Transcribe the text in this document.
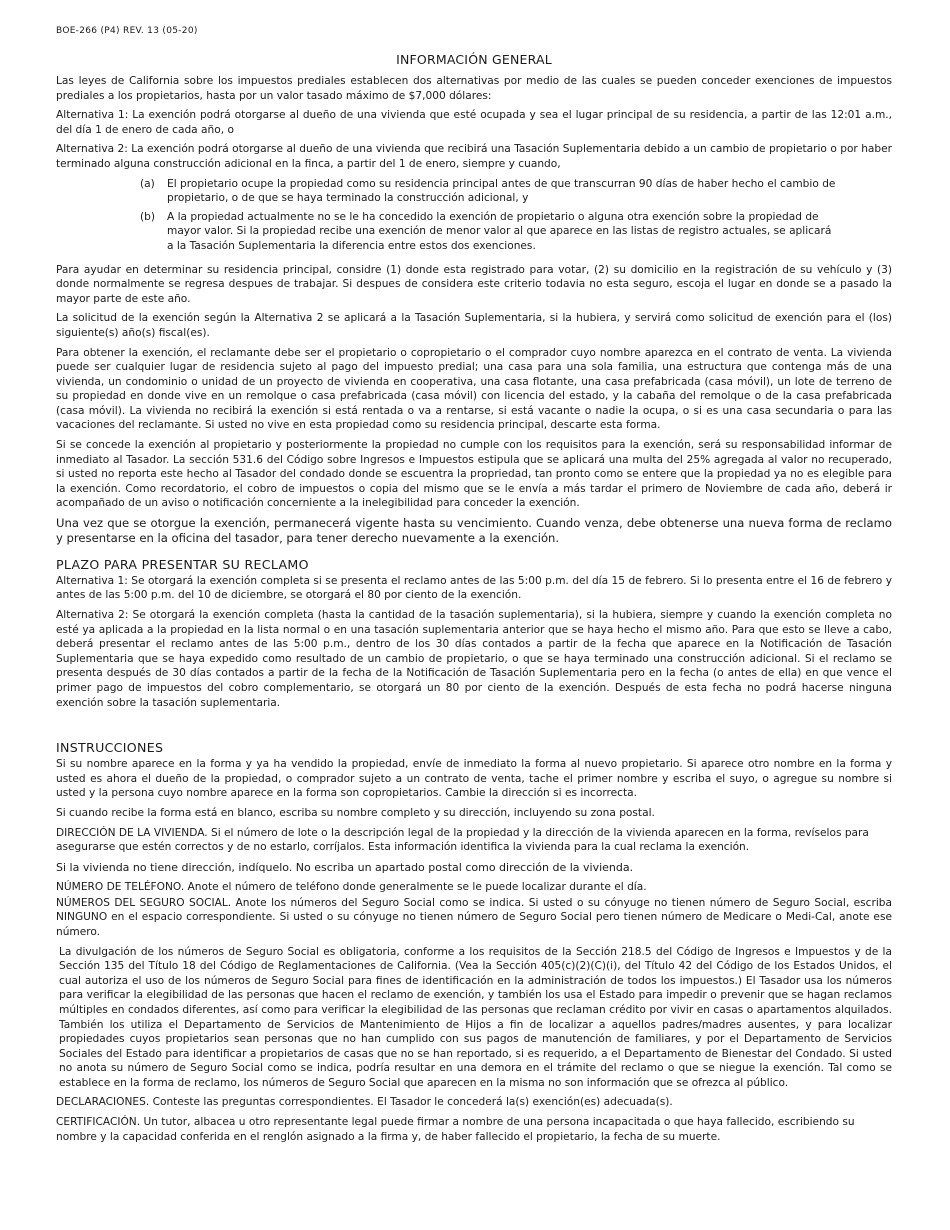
BOE-266 (P4) REV. 13 (05-20)
INFORMACIÓN GENERAL

Las leyes de California sobre los impuestos prediales establecen dos alternativas por medio de las cuales se pueden conceder exenciones de impuestos prediales a los propietarios, hasta por un valor tasado máximo de $7,000 dólares:

Alternativa 1: La exención podrá otorgarse al dueño de una vivienda que esté ocupada y sea el lugar principal de su residencia, a partir de las 12:01 a.m., del día 1 de enero de cada año, o

Alternativa 2: La exención podrá otorgarse al dueño de una vivienda que recibirá una Tasación Suplementaria debido a un cambio de propietario o por haber terminado alguna construcción adicional en la finca, a partir del 1 de enero, siempre y cuando,

(a)	El propietario ocupe la propiedad como su residencia principal antes de que transcurran 90 días de haber hecho el cambio de propietario, o de que se haya terminado la construcción adicional, y
(b)	A la propiedad actualmente no se le ha concedido la exención de propietario o alguna otra exención sobre la propiedad de mayor valor. Si la propiedad recibe una exención de menor valor al que aparece en las listas de registro actuales, se aplicará a la Tasación Suplementaria la diferencia entre estos dos exenciones.

Para ayudar en determinar su residencia principal, considre (1) donde esta registrado para votar, (2) su domicilio en la registración de su vehículo y (3) donde normalmente se regresa despues de trabajar. Si despues de considera este criterio todavia no esta seguro, escoja el lugar en donde se a pasado la mayor parte de este año.

La solicitud de la exención según la Alternativa 2 se aplicará a la Tasación Suplementaria, si la hubiera, y servirá como solicitud de exención para el (los) siguiente(s) año(s) fiscal(es).

Para obtener la exención, el reclamante debe ser el propietario o copropietario o el comprador cuyo nombre aparezca en el contrato de venta. La vivienda puede ser cualquier lugar de residencia sujeto al pago del impuesto predial; una casa para una sola familia, una estructura que contenga más de una vivienda, un condominio o unidad de un proyecto de vivienda en cooperativa, una casa flotante, una casa prefabricada (casa móvil), un lote de terreno de su propiedad en donde vive en un remolque o casa prefabricada (casa móvil) con licencia del estado, y la cabaña del remolque o de la casa prefabricada (casa móvil). La vivienda no recibirá la exención si está rentada o va a rentarse, si está vacante o nadie la ocupa, o si es una casa secundaria o para las vacaciones del reclamante. Si usted no vive en esta propiedad como su residencia principal, descarte esta forma.

Si se concede la exención al propietario y posteriormente la propiedad no cumple con los requisitos para la exención, será su responsabilidad informar de inmediato al Tasador. La sección 531.6 del Código sobre Ingresos e Impuestos estipula que se aplicará una multa del 25% agregada al valor no recuperado, si usted no reporta este hecho al Tasador del condado donde se escuentra la propriedad, tan pronto como se entere que la propiedad ya no es elegible para la exención. Como recordatorio, el cobro de impuestos o copia del mismo que se le envía a más tardar el primero de Noviembre de cada año, deberá ir acompañado de un aviso o notificación concerniente a la inelegibilidad para conceder la exención.

Una vez que se otorgue la exención, permanecerá vigente hasta su vencimiento. Cuando venza, debe obtenerse una nueva forma de reclamo y presentarse en la oficina del tasador, para tener derecho nuevamente a la exención.

PLAZO PARA PRESENTAR SU RECLAMO

Alternativa 1: Se otorgará la exención completa si se presenta el reclamo antes de las 5:00 p.m. del día 15 de febrero. Si lo presenta entre el 16 de febrero y antes de las 5:00 p.m. del 10 de diciembre, se otorgará el 80 por ciento de la exención.

Alternativa 2: Se otorgará la exención completa (hasta la cantidad de la tasación suplementaria), si la hubiera, siempre y cuando la exención completa no esté ya aplicada a la propiedad en la lista normal o en una tasación suplementaria anterior que se haya hecho el mismo año. Para que esto se lleve a cabo, deberá presentar el reclamo antes de las 5:00 p.m., dentro de los 30 días contados a partir de la fecha que aparece en la Notificación de Tasación Suplementaria que se haya expedido como resultado de un cambio de propietario, o que se haya terminado una construcción adicional. Si el reclamo se presenta después de 30 días contados a partir de la fecha de la Notificación de Tasación Suplementaria pero en la fecha (o antes de ella) en que vence el primer pago de impuestos del cobro complementario, se otorgará un 80 por ciento de la exención. Después de esta fecha no podrá hacerse ninguna exención sobre la tasación suplementaria.

INSTRUCCIONES

Si su nombre aparece en la forma y ya ha vendido la propiedad, envíe de inmediato la forma al nuevo propietario. Si aparece otro nombre en la forma y usted es ahora el dueño de la propiedad, o comprador sujeto a un contrato de venta, tache el primer nombre y escriba el suyo, o agregue su nombre si usted y la persona cuyo nombre aparece en la forma son copropietarios. Cambie la dirección si es incorrecta.

Si cuando recibe la forma está en blanco, escriba su nombre completo y su dirección, incluyendo su zona postal.

DIRECCIÓN DE LA VIVIENDA. Si el número de lote o la descripción legal de la propiedad y la dirección de la vivienda aparecen en la forma, revíselos para asegurarse que estén correctos y de no estarlo, corríjalos. Esta información identifica la vivienda para la cual reclama la exención.

Si la vivienda no tiene dirección, indíquelo. No escriba un apartado postal como dirección de la vivienda.

NÚMERO DE TELÉFONO. Anote el número de teléfono donde generalmente se le puede localizar durante el día.

NÚMEROS DEL SEGURO SOCIAL. Anote los números del Seguro Social como se indica. Si usted o su cónyuge no tienen número de Seguro Social, escriba NINGUNO en el espacio correspondiente. Si usted o su cónyuge no tienen número de Seguro Social pero tienen número de Medicare o Medi-Cal, anote ese número.

La divulgación de los números de Seguro Social es obligatoria, conforme a los requisitos de la Sección 218.5 del Código de Ingresos e Impuestos y de la Sección 135 del Título 18 del Código de Reglamentaciones de California. (Vea la Sección 405(c)(2)(C)(i), del Título 42 del Código de los Estados Unidos, el cual autoriza el uso de los números de Seguro Social para fines de identificación en la administración de todos los impuestos.) El Tasador usa los números para verificar la elegibilidad de las personas que hacen el reclamo de exención, y también los usa el Estado para impedir o prevenir que se hagan reclamos múltiples en condados diferentes, así como para verificar la elegibilidad de las personas que reclaman crédito por vivir en casas o apartamentos alquilados. También los utiliza el Departamento de Servicios de Mantenimiento de Hijos a fin de localizar a aquellos padres/madres ausentes, y para localizar propiedades cuyos propietarios sean personas que no han cumplido con sus pagos de manutención de familiares, y por el Departamento de Servicios Sociales del Estado para identificar a propietarios de casas que no se han reportado, si es requerido, a el Departamento de Bienestar del Condado. Si usted no anota su número de Seguro Social como se indica, podría resultar en una demora en el trámite del reclamo o que se niegue la exención. Tal como se establece en la forma de reclamo, los números de Seguro Social que aparecen en la misma no son información que se ofrezca al público.

DECLARACIONES. Conteste las preguntas correspondientes. El Tasador le concederá la(s) exención(es) adecuada(s).

CERTIFICACIÓN. Un tutor, albacea u otro representante legal puede firmar a nombre de una persona incapacitada o que haya fallecido, escribiendo su nombre y la capacidad conferida en el renglón asignado a la firma y, de haber fallecido el propietario, la fecha de su muerte.
